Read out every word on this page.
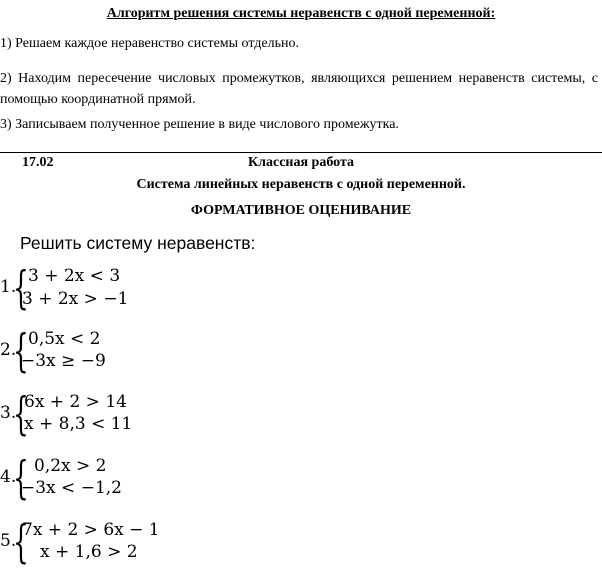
Алгоритм решения системы неравенств с одной переменной:
1) Решаем каждое неравенство системы отдельно.
2) Находим пересечение числовых промежутков, являющихся решением неравенств системы, с помощью координатной прямой.
3) Записываем полученное решение в виде числового промежутка.
17.02	Классная работа
Система линейных неравенств с одной переменной.
ФОРМАТИВНОЕ ОЦЕНИВАНИЕ
Решить систему неравенств:
1.
{ 3 + 2x < 3
3 + 2x > −1
2.
{ 0,5x < 2
−3x ≥ −9
3.
{
6x + 2 > 14
x + 8,3 < 11
4.
{ 0,2x > 2
−3x < −1,2
5.
{
7x + 2 > 6x − 1
x + 1,6 > 2
